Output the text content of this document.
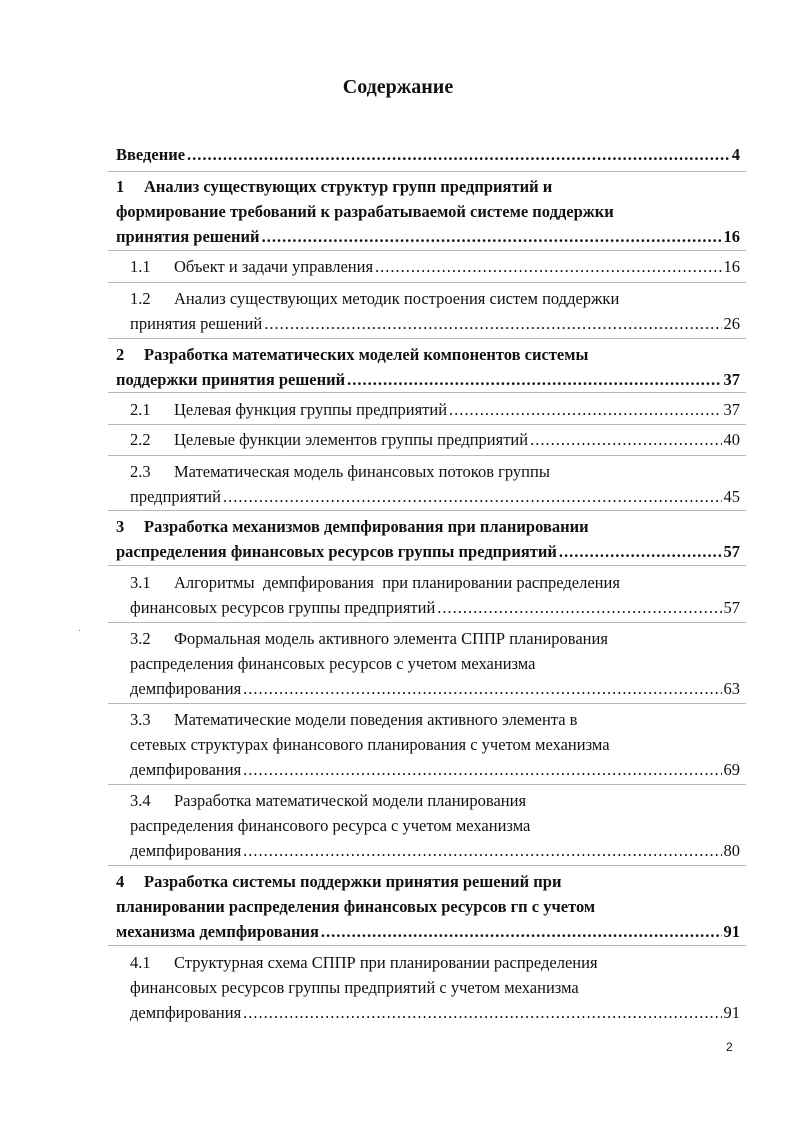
Содержание
Введение .....	4
1 Анализ существующих структур групп предприятий и
формирование требований к разрабатываемой системе поддержки
принятия решений .....	16
1.1 Объект и задачи управления .....	16
1.2 Анализ существующих методик построения систем поддержки
принятия решений .....	26
2 Разработка математических моделей компонентов системы
поддержки принятия решений .....	37
2.1 Целевая функция группы предприятий .....	37
2.2 Целевые функции элементов группы предприятий .....	40
2.3 Математическая модель финансовых потоков группы
предприятий .....	45
3 Разработка механизмов демпфирования при планировании
распределения финансовых ресурсов группы предприятий .....	57
3.1 Алгоритмы  демпфирования  при планировании распределения
финансовых ресурсов группы предприятий .....	57
3.2 Формальная модель активного элемента СППР планирования
распределения финансовых ресурсов с учетом механизма
демпфирования .....	63
3.3 Математические модели поведения активного элемента в
сетевых структурах финансового планирования с учетом механизма
демпфирования .....	69
3.4 Разработка математической модели планирования
распределения финансового ресурса с учетом механизма
демпфирования .....	80
4 Разработка системы поддержки принятия решений при
планировании распределения финансовых ресурсов гп с учетом
механизма демпфирования .....	91
4.1 Структурная схема СППР при планировании распределения
финансовых ресурсов группы предприятий с учетом механизма
демпфирования .....	91
·
2
